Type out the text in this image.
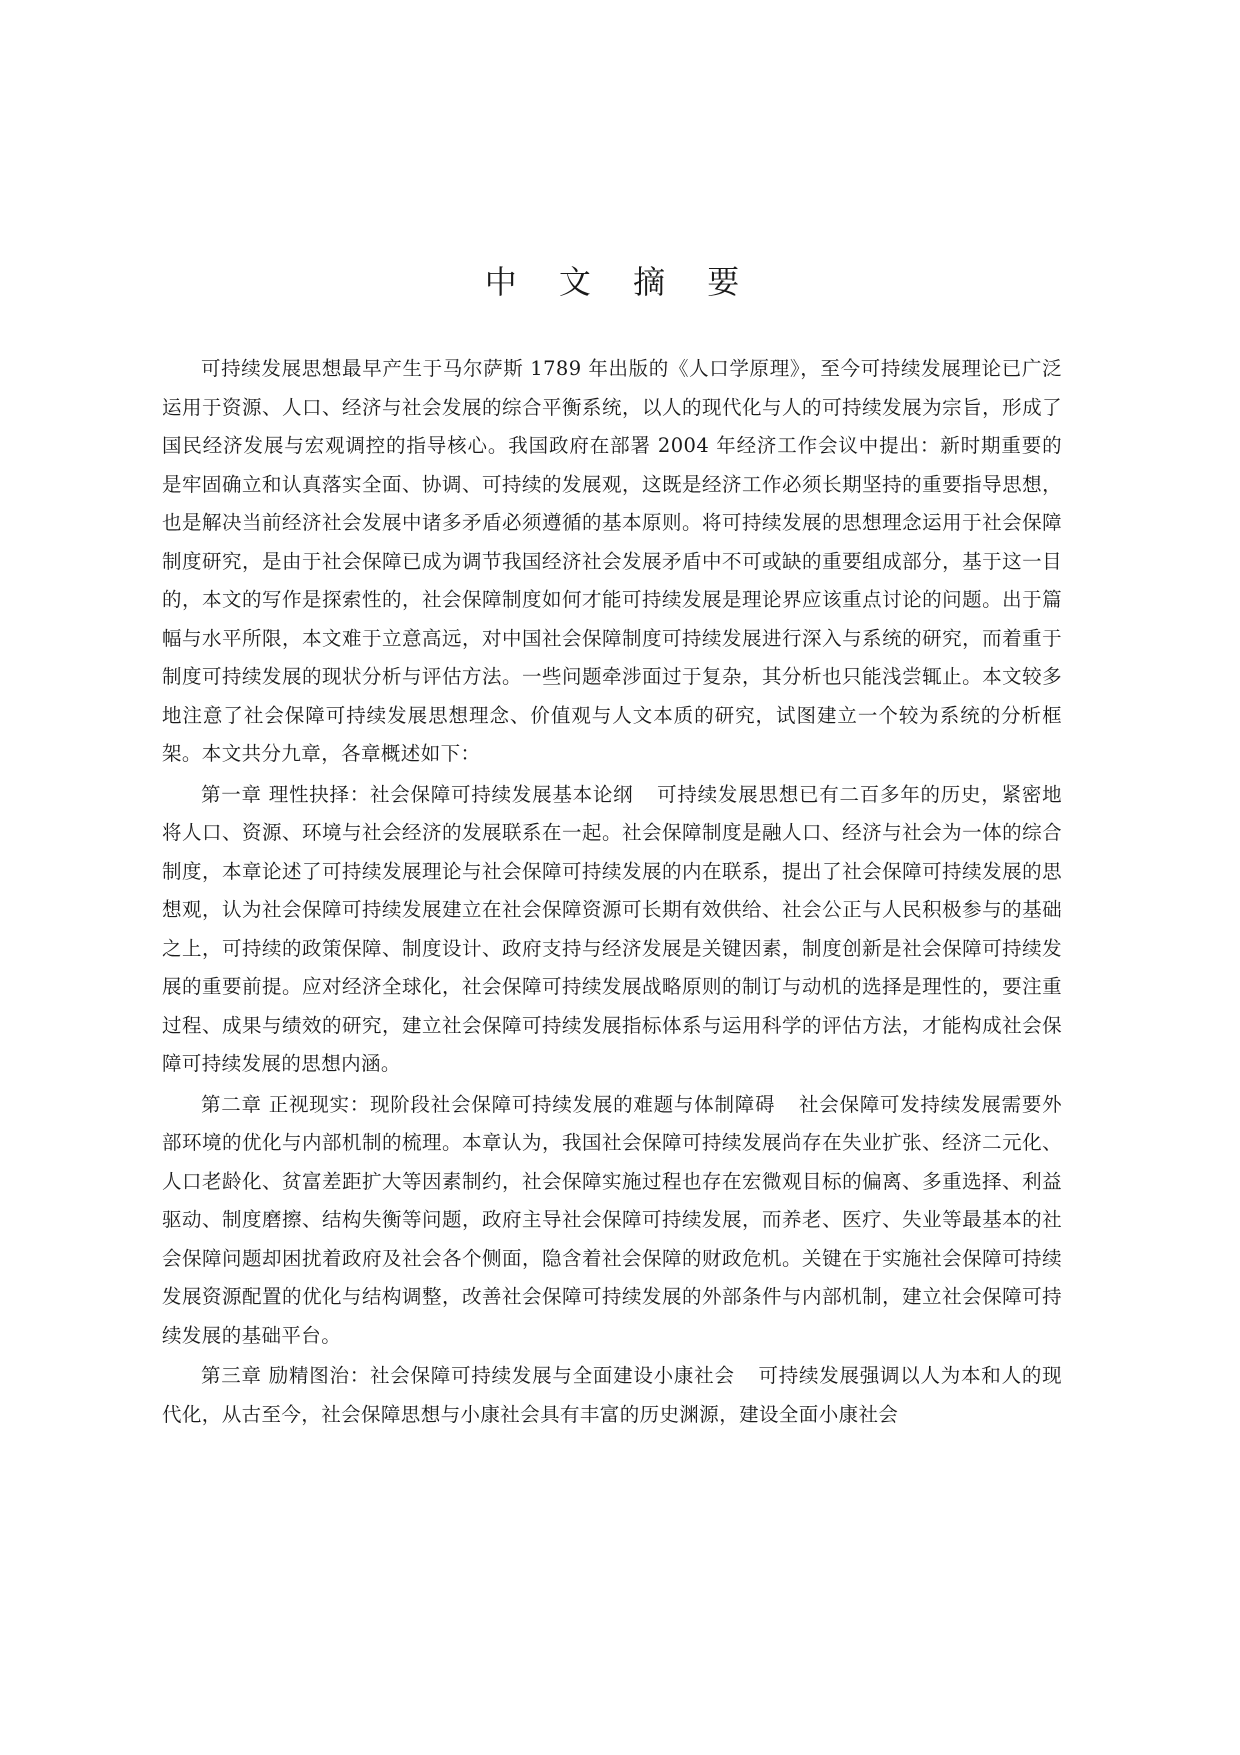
中 文 摘 要

可持续发展思想最早产生于马尔萨斯 1789 年出版的《人口学原理》，至今可持续发展理论已广泛运用于资源、人口、经济与社会发展的综合平衡系统，以人的现代化与人的可持续发展为宗旨，形成了国民经济发展与宏观调控的指导核心。我国政府在部署 2004 年经济工作会议中提出：新时期重要的是牢固确立和认真落实全面、协调、可持续的发展观，这既是经济工作必须长期坚持的重要指导思想，也是解决当前经济社会发展中诸多矛盾必须遵循的基本原则。将可持续发展的思想理念运用于社会保障制度研究，是由于社会保障已成为调节我国经济社会发展矛盾中不可或缺的重要组成部分，基于这一目的，本文的写作是探索性的，社会保障制度如何才能可持续发展是理论界应该重点讨论的问题。出于篇幅与水平所限，本文难于立意高远，对中国社会保障制度可持续发展进行深入与系统的研究，而着重于制度可持续发展的现状分析与评估方法。一些问题牵涉面过于复杂，其分析也只能浅尝辄止。本文较多地注意了社会保障可持续发展思想理念、价值观与人文本质的研究，试图建立一个较为系统的分析框架。本文共分九章，各章概述如下：

第一章 理性抉择：社会保障可持续发展基本论纲 可持续发展思想已有二百多年的历史，紧密地将人口、资源、环境与社会经济的发展联系在一起。社会保障制度是融人口、经济与社会为一体的综合制度，本章论述了可持续发展理论与社会保障可持续发展的内在联系，提出了社会保障可持续发展的思想观，认为社会保障可持续发展建立在社会保障资源可长期有效供给、社会公正与人民积极参与的基础之上，可持续的政策保障、制度设计、政府支持与经济发展是关键因素，制度创新是社会保障可持续发展的重要前提。应对经济全球化，社会保障可持续发展战略原则的制订与动机的选择是理性的，要注重过程、成果与绩效的研究，建立社会保障可持续发展指标体系与运用科学的评估方法，才能构成社会保障可持续发展的思想内涵。

第二章 正视现实：现阶段社会保障可持续发展的难题与体制障碍 社会保障可发持续发展需要外部环境的优化与内部机制的梳理。本章认为，我国社会保障可持续发展尚存在失业扩张、经济二元化、人口老龄化、贫富差距扩大等因素制约，社会保障实施过程也存在宏微观目标的偏离、多重选择、利益驱动、制度磨擦、结构失衡等问题，政府主导社会保障可持续发展，而养老、医疗、失业等最基本的社会保障问题却困扰着政府及社会各个侧面，隐含着社会保障的财政危机。关键在于实施社会保障可持续发展资源配置的优化与结构调整，改善社会保障可持续发展的外部条件与内部机制，建立社会保障可持续发展的基础平台。

第三章 励精图治：社会保障可持续发展与全面建设小康社会 可持续发展强调以人为本和人的现代化，从古至今，社会保障思想与小康社会具有丰富的历史渊源，建设全面小康社会
